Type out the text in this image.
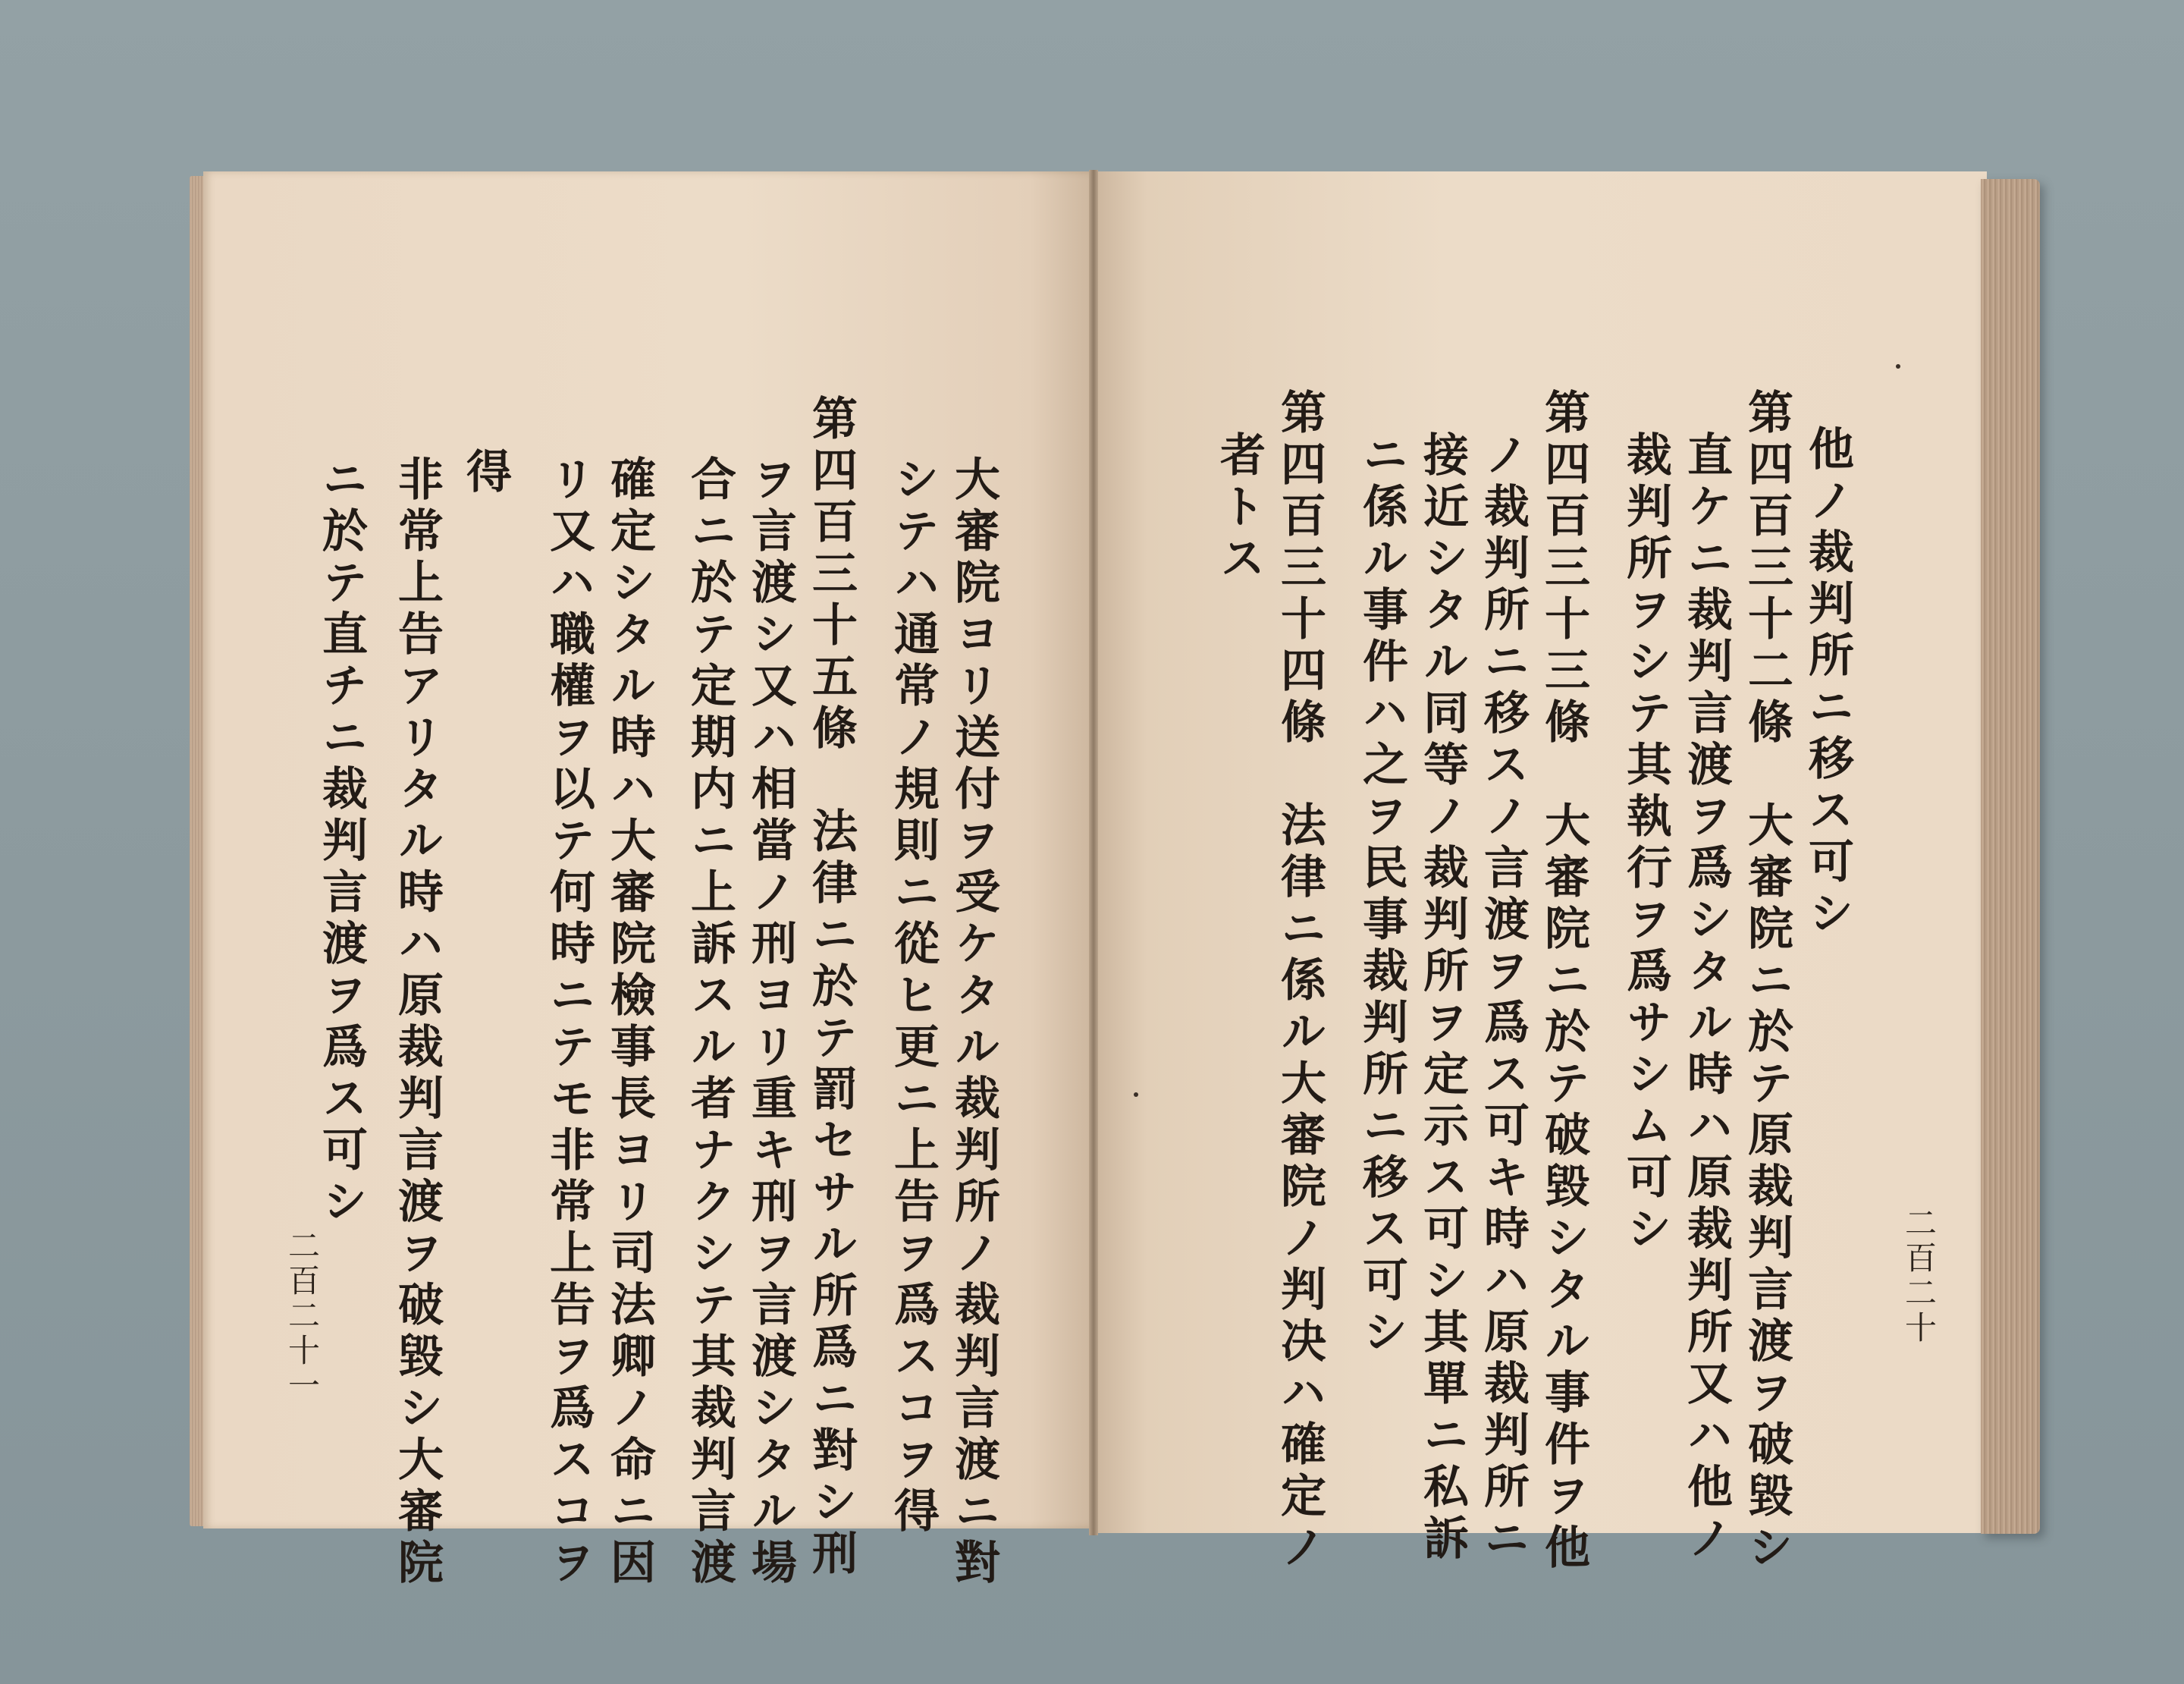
他ノ裁判所ニ移ス可シ
第四百三十二條　大審院ニ於テ原裁判言渡ヲ破毀シ
直ケニ裁判言渡ヲ爲シタル時ハ原裁判所又ハ他ノ
裁判所ヲシテ其執行ヲ爲サシム可シ
第四百三十三條　大審院ニ於テ破毀シタル事件ヲ他
ノ裁判所ニ移スノ言渡ヲ爲ス可キ時ハ原裁判所ニ
接近シタル同等ノ裁判所ヲ定示ス可シ其單ニ私訴
ニ係ル事件ハ之ヲ民事裁判所ニ移ス可シ
第四百三十四條　法律ニ係ル大審院ノ判决ハ確定ノ
者トス
二百二十
大審院ヨリ送付ヲ受ケタル裁判所ノ裁判言渡ニ對
シテハ通常ノ規則ニ從ヒ更ニ上告ヲ爲スコヲ得
第四百三十五條　法律ニ於テ罰セサル所爲ニ對シ刑
ヲ言渡シ又ハ相當ノ刑ヨリ重キ刑ヲ言渡シタル場
合ニ於テ定期内ニ上訴スル者ナクシテ其裁判言渡
確定シタル時ハ大審院檢事長ヨリ司法卿ノ命ニ因
リ又ハ職權ヲ以テ何時ニテモ非常上告ヲ爲スコヲ
得
非常上告アリタル時ハ原裁判言渡ヲ破毀シ大審院
ニ於テ直チニ裁判言渡ヲ爲ス可シ
二百二十一
